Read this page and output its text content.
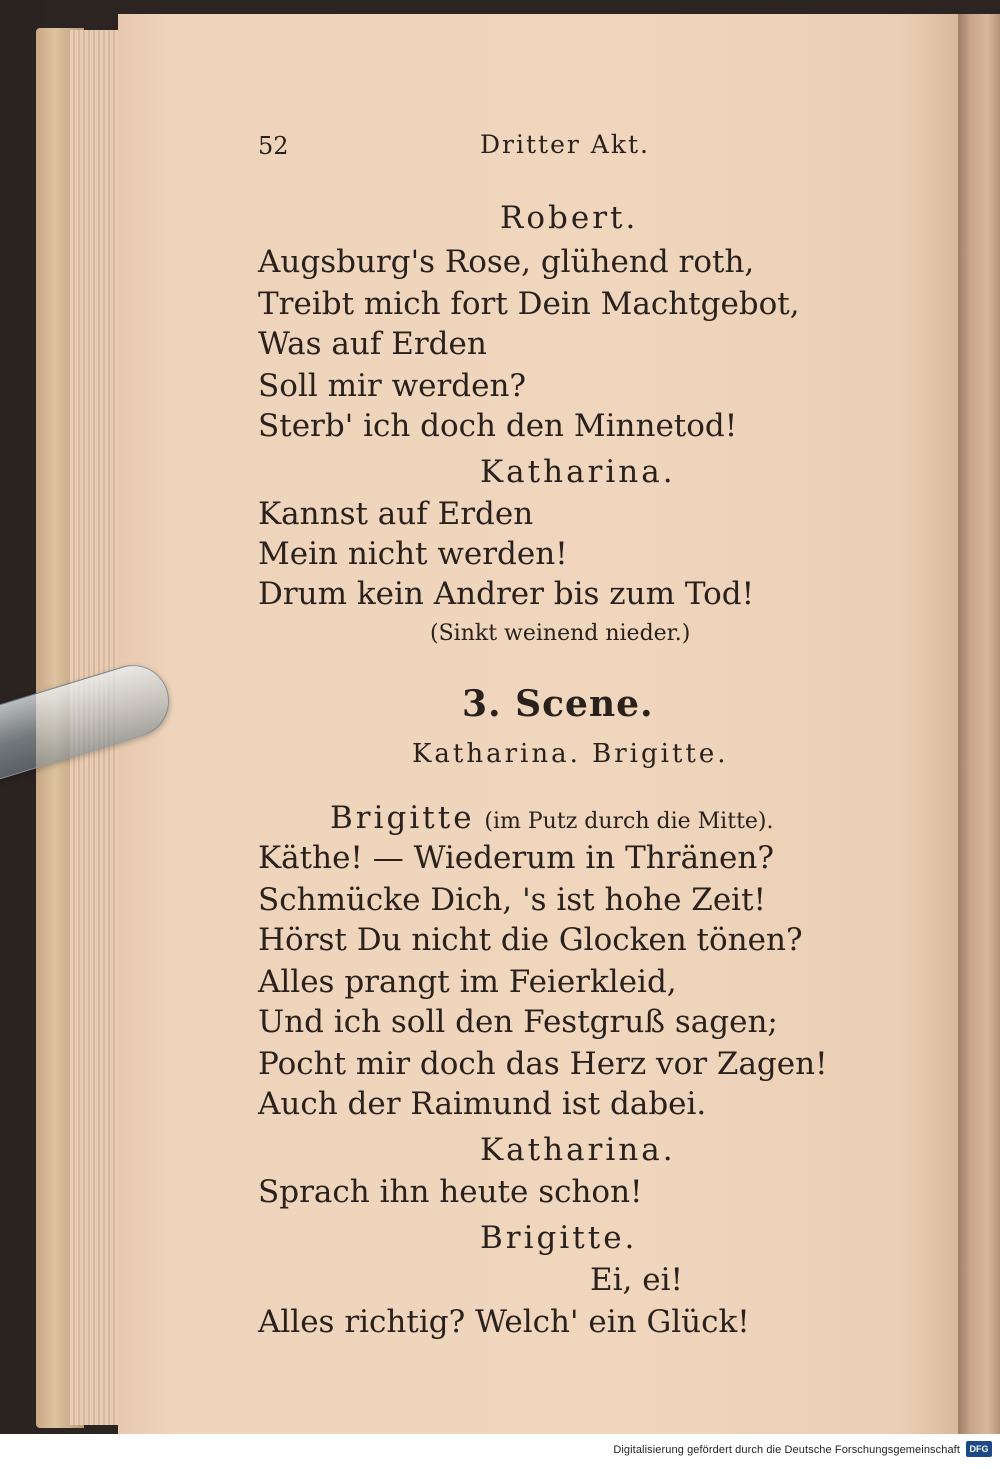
52	Dritter Akt.
Robert.
Augsburg's Rose, glühend roth,
Treibt mich fort Dein Machtgebot,
Was auf Erden
Soll mir werden?
Sterb' ich doch den Minnetod!
Katharina.
Kannst auf Erden
Mein nicht werden!
Drum kein Andrer bis zum Tod!
(Sinkt weinend nieder.)
3. Scene.
Katharina. Brigitte.
Brigitte (im Putz durch die Mitte).
Käthe! — Wiederum in Thränen?
Schmücke Dich, 's ist hohe Zeit!
Hörst Du nicht die Glocken tönen?
Alles prangt im Feierkleid,
Und ich soll den Festgruß sagen;
Pocht mir doch das Herz vor Zagen!
Auch der Raimund ist dabei.
Katharina.
Sprach ihn heute schon!
Brigitte.
Ei, ei!
Alles richtig? Welch' ein Glück!
Digitalisierung gefördert durch die Deutsche Forschungsgemeinschaft	DFG
